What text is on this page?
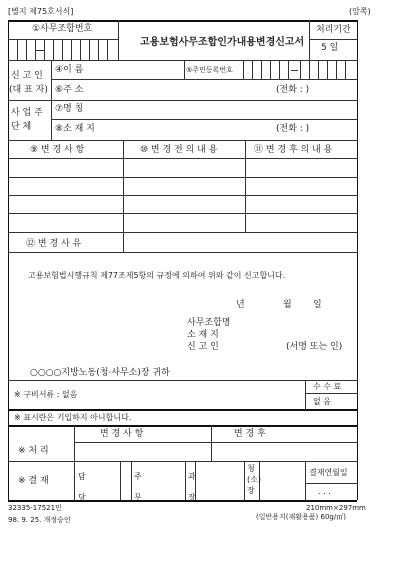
[별지 제75호서식]	(앞쪽)
①사무조합번호
고용보험사무조합인가내용변경신고서
처리기간
5 일
신 고 인
(대 표 자)
④이 름	⑤주민등록번호
⑥주 소	(전화 : )
사 업 주
단 체
⑦명 칭
⑧소 재 지	(전화 : )
⑨ 변 경 사 항	⑩ 변 경 전 의 내 용	⑪ 변 경 후 의 내 용
⑫ 변 경 사 유
고용보험법시행규칙 제77조제5항의 규정에 의하여 위와 같이 신고합니다.
년	월 일
사무조합명
소 재 지
신 고 인	(서명 또는 인)
○○○○지방노동(청·사무소)장 귀하
※ 구비서류 : 없음
수 수 료
없 음
※ 표시란은 기입하지 아니합니다.
※ 처 리
변 경 사 항	변 경 후
※ 결 재	담당
주무
과장
청(소)장
결재연월일
. . .
32335-17521민
98. 9. 25. 개정승인
210mm×297mm
(일반용지(재활용품) 60g/㎡)
